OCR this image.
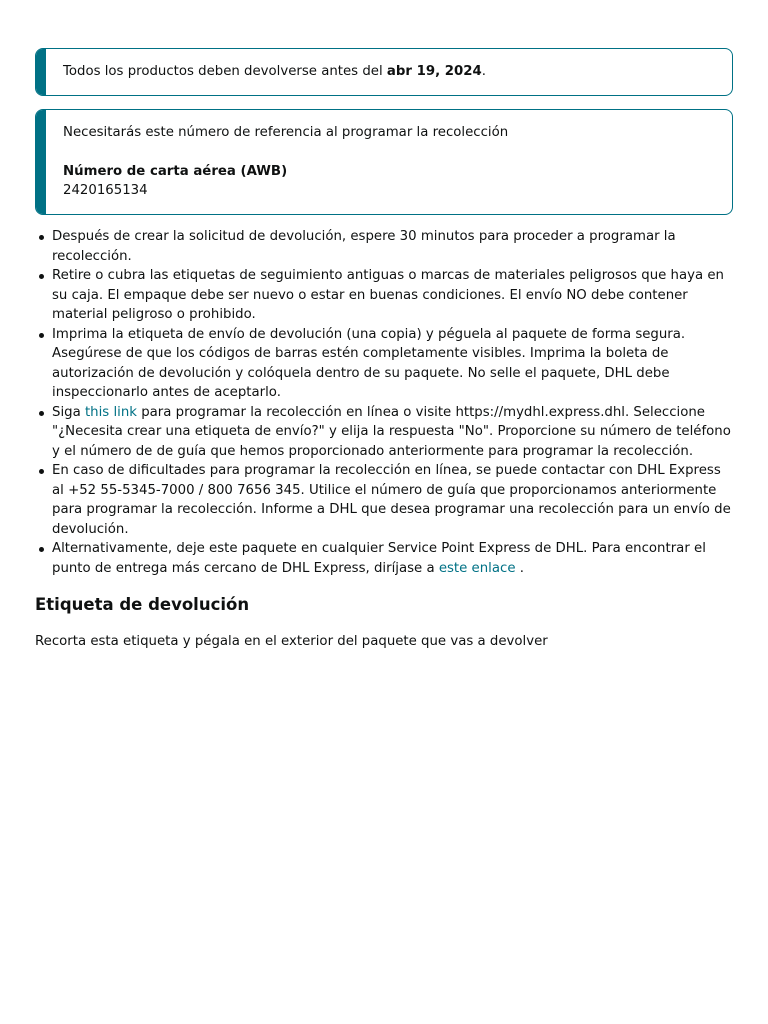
Todos los productos deben devolverse antes del abr 19, 2024.
Necesitarás este número de referencia al programar la recolección
Número de carta aérea (AWB)
2420165134
Después de crear la solicitud de devolución, espere 30 minutos para proceder a programar la recolección.
Retire o cubra las etiquetas de seguimiento antiguas o marcas de materiales peligrosos que haya en su caja. El empaque debe ser nuevo o estar en buenas condiciones. El envío NO debe contener material peligroso o prohibido.
Imprima la etiqueta de envío de devolución (una copia) y péguela al paquete de forma segura. Asegúrese de que los códigos de barras estén completamente visibles. Imprima la boleta de autorización de devolución y colóquela dentro de su paquete. No selle el paquete, DHL debe inspeccionarlo antes de aceptarlo.
Siga this link para programar la recolección en línea o visite https://mydhl.express.dhl. Seleccione "¿Necesita crear una etiqueta de envío?" y elija la respuesta "No". Proporcione su número de teléfono y el número de de guía que hemos proporcionado anteriormente para programar la recolección.
En caso de dificultades para programar la recolección en línea, se puede contactar con DHL Express al +52 55-5345-7000 / 800 7656 345. Utilice el número de guía que proporcionamos anteriormente para programar la recolección. Informe a DHL que desea programar una recolección para un envío de devolución.
Alternativamente, deje este paquete en cualquier Service Point Express de DHL. Para encontrar el punto de entrega más cercano de DHL Express, diríjase a este enlace .
Etiqueta de devolución
Recorta esta etiqueta y pégala en el exterior del paquete que vas a devolver
